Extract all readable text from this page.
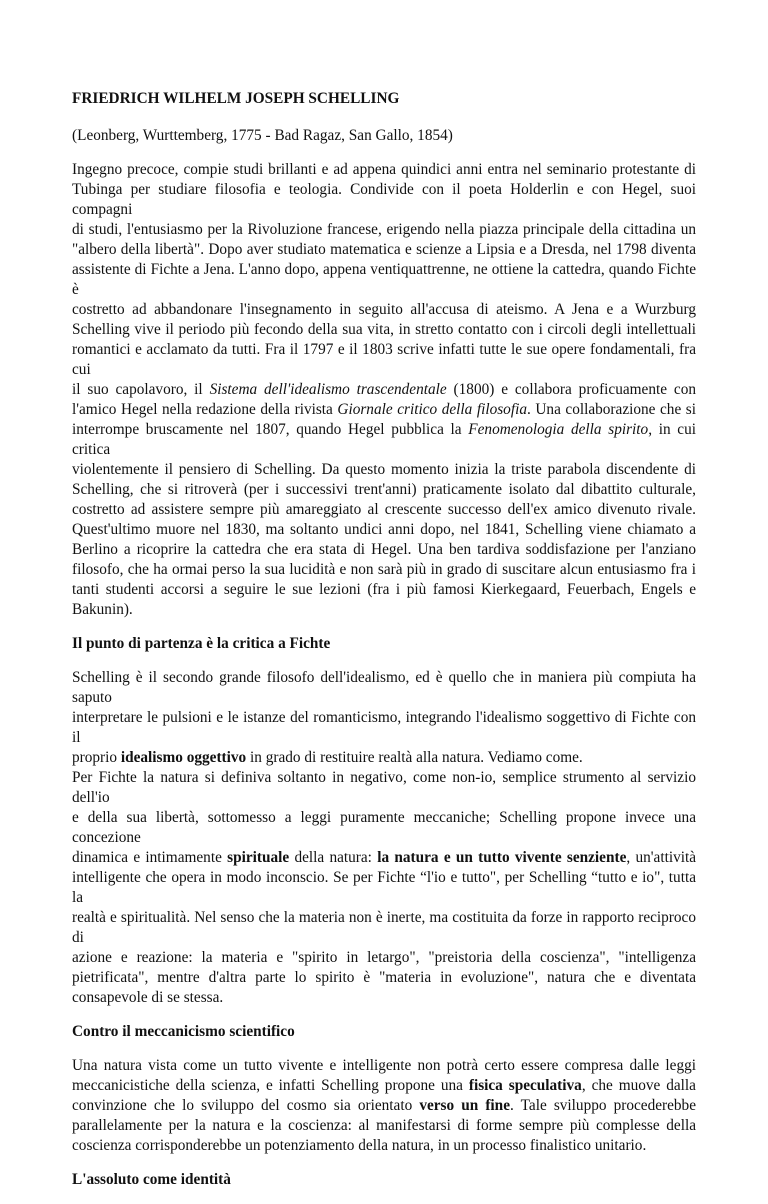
FRIEDRICH WILHELM JOSEPH SCHELLING

(Leonberg, Wurttemberg, 1775 - Bad Ragaz, San Gallo, 1854)

Ingegno precoce, compie studi brillanti e ad appena quindici anni entra nel seminario protestante di
Tubinga per studiare filosofia e teologia. Condivide con il poeta Holderlin e con Hegel, suoi compagni
di studi, l'entusiasmo per la Rivoluzione francese, erigendo nella piazza principale della cittadina un
"albero della libertà". Dopo aver studiato matematica e scienze a Lipsia e a Dresda, nel 1798 diventa
assistente di Fichte a Jena. L'anno dopo, appena ventiquattrenne, ne ottiene la cattedra, quando Fichte è
costretto ad abbandonare l'insegnamento in seguito all'accusa di ateismo. A Jena e a Wurzburg
Schelling vive il periodo più fecondo della sua vita, in stretto contatto con i circoli degli intellettuali
romantici e acclamato da tutti. Fra il 1797 e il 1803 scrive infatti tutte le sue opere fondamentali, fra cui
il suo capolavoro, il Sistema dell'idealismo trascendentale (1800) e collabora proficuamente con
l'amico Hegel nella redazione della rivista Giornale critico della filosofia. Una collaborazione che si
interrompe bruscamente nel 1807, quando Hegel pubblica la Fenomenologia della spirito, in cui critica
violentemente il pensiero di Schelling. Da questo momento inizia la triste parabola discendente di
Schelling, che si ritroverà (per i successivi trent'anni) praticamente isolato dal dibattito culturale,
costretto ad assistere sempre più amareggiato al crescente successo dell'ex amico divenuto rivale.
Quest'ultimo muore nel 1830, ma soltanto undici anni dopo, nel 1841, Schelling viene chiamato a
Berlino a ricoprire la cattedra che era stata di Hegel. Una ben tardiva soddisfazione per l'anziano
filosofo, che ha ormai perso la sua lucidità e non sarà più in grado di suscitare alcun entusiasmo fra i
tanti studenti accorsi a seguire le sue lezioni (fra i più famosi Kierkegaard, Feuerbach, Engels e
Bakunin).
Il punto di partenza è la critica a Fichte
Schelling è il secondo grande filosofo dell'idealismo, ed è quello che in maniera più compiuta ha saputo
interpretare le pulsioni e le istanze del romanticismo, integrando l'idealismo soggettivo di Fichte con il
proprio idealismo oggettivo in grado di restituire realtà alla natura. Vediamo come.
Per Fichte la natura si definiva soltanto in negativo, come non-io, semplice strumento al servizio dell'io
e della sua libertà, sottomesso a leggi puramente meccaniche; Schelling propone invece una concezione
dinamica e intimamente spirituale della natura: la natura e un tutto vivente senziente, un'attività
intelligente che opera in modo inconscio. Se per Fichte “l'io e tutto", per Schelling “tutto e io", tutta la
realtà e spiritualità. Nel senso che la materia non è inerte, ma costituita da forze in rapporto reciproco di
azione e reazione: la materia e "spirito in letargo", "preistoria della coscienza", "intelligenza
pietrificata", mentre d'altra parte lo spirito è "materia in evoluzione", natura che e diventata
consapevole di se stessa.
Contro il meccanicismo scientifico
Una natura vista come un tutto vivente e intelligente non potrà certo essere compresa dalle leggi
meccanicistiche della scienza, e infatti Schelling propone una fisica speculativa, che muove dalla
convinzione che lo sviluppo del cosmo sia orientato verso un fine. Tale sviluppo procederebbe
parallelamente per la natura e la coscienza: al manifestarsi di forme sempre più complesse della
coscienza corrisponderebbe un potenziamento della natura, in un processo finalistico unitario.
L'assoluto come identità
